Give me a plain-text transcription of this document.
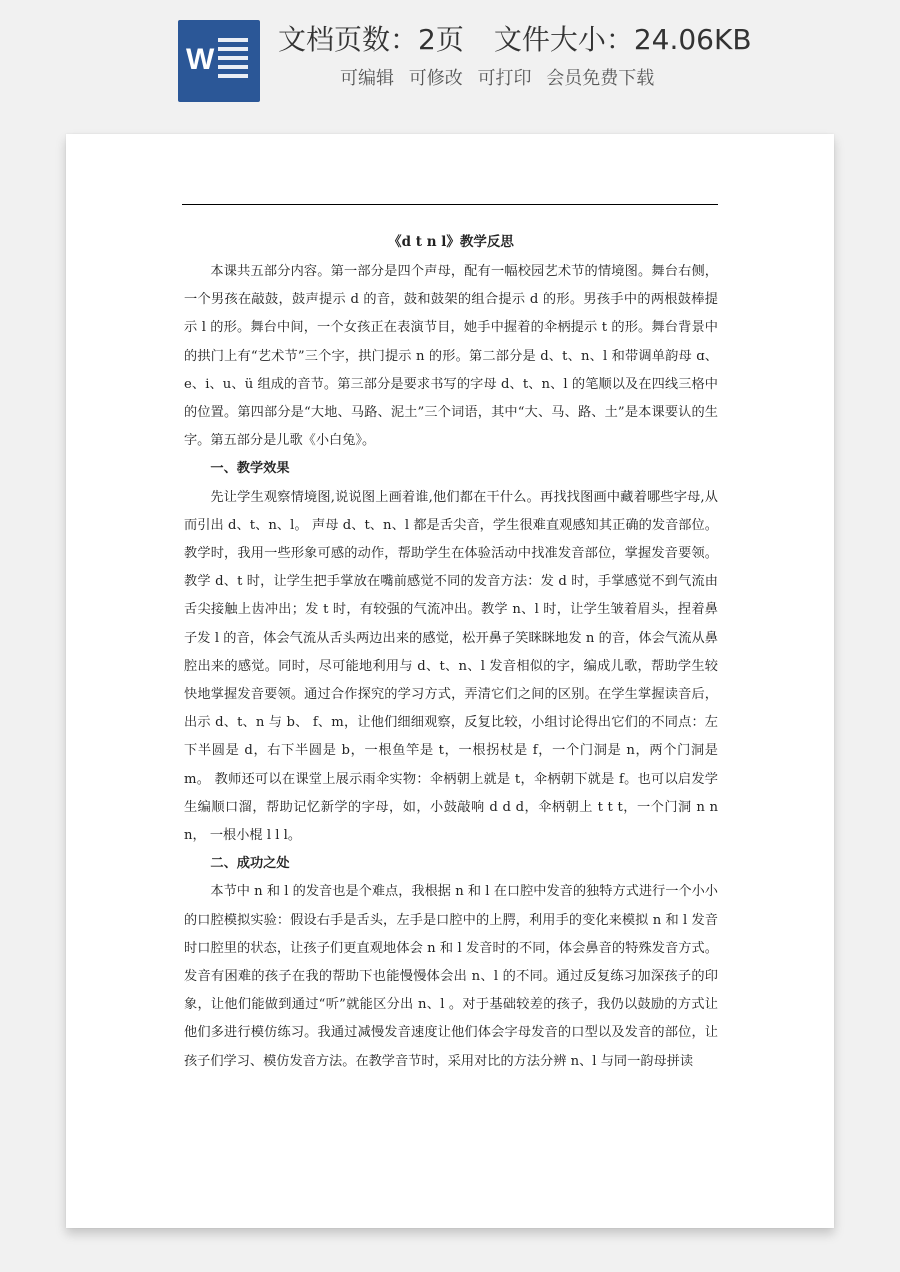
W
文档页数：2页 文件大小：24.06KB
可编辑 可修改 可打印 会员免费下载

《d t n l》教学反思

本课共五部分内容。第一部分是四个声母，配有一幅校园艺术节的情境图。舞台右侧，一个男孩在敲鼓，鼓声提示 d 的音，鼓和鼓架的组合提示 d 的形。男孩手中的两根鼓棒提示 l 的形。舞台中间，一个女孩正在表演节目，她手中握着的伞柄提示 t 的形。舞台背景中的拱门上有“艺术节”三个字，拱门提示 n 的形。第二部分是 d、t、n、l 和带调单韵母 ɑ、e、i、u、ü 组成的音节。第三部分是要求书写的字母 d、t、n、l 的笔顺以及在四线三格中的位置。第四部分是“大地、马路、泥土”三个词语，其中“大、马、路、土”是本课要认的生字。第五部分是儿歌《小白兔》。

一、教学效果

先让学生观察情境图,说说图上画着谁,他们都在干什么。再找找图画中藏着哪些字母,从而引出 d、t、n、l。 声母 d、t、n、l 都是舌尖音，学生很难直观感知其正确的发音部位。教学时，我用一些形象可感的动作，帮助学生在体验活动中找准发音部位，掌握发音要领。教学 d、t 时，让学生把手掌放在嘴前感觉不同的发音方法：发 d 时，手掌感觉不到气流由舌尖接触上齿冲出；发 t 时，有较强的气流冲出。教学 n、l 时，让学生皱着眉头，捏着鼻子发 l 的音，体会气流从舌头两边出来的感觉，松开鼻子笑眯眯地发 n 的音，体会气流从鼻腔出来的感觉。同时，尽可能地利用与 d、t、n、l 发音相似的字，编成儿歌，帮助学生较快地掌握发音要领。通过合作探究的学习方式，弄清它们之间的区别。在学生掌握读音后，出示 d、t、n 与 b、 f、m，让他们细细观察，反复比较，小组讨论得出它们的不同点：左下半圆是 d，右下半圆是 b，一根鱼竿是 t，一根拐杖是 f，一个门洞是 n，两个门洞是 m。 教师还可以在课堂上展示雨伞实物：伞柄朝上就是 t，伞柄朝下就是 f。也可以启发学生编顺口溜，帮助记忆新学的字母，如，小鼓敲响 d d d，伞柄朝上 t t t，一个门洞 n n n， 一根小棍 l l l。

二、成功之处

本节中 n 和 l 的发音也是个难点，我根据 n 和 l 在口腔中发音的独特方式进行一个小小的口腔模拟实验：假设右手是舌头，左手是口腔中的上腭，利用手的变化来模拟 n 和 l 发音时口腔里的状态，让孩子们更直观地体会 n 和 l 发音时的不同，体会鼻音的特殊发音方式。发音有困难的孩子在我的帮助下也能慢慢体会出 n、l 的不同。通过反复练习加深孩子的印象，让他们能做到通过“听”就能区分出 n、l 。对于基础较差的孩子，我仍以鼓励的方式让他们多进行模仿练习。我通过减慢发音速度让他们体会字母发音的口型以及发音的部位，让孩子们学习、模仿发音方法。在教学音节时，采用对比的方法分辨 n、l 与同一韵母拼读
